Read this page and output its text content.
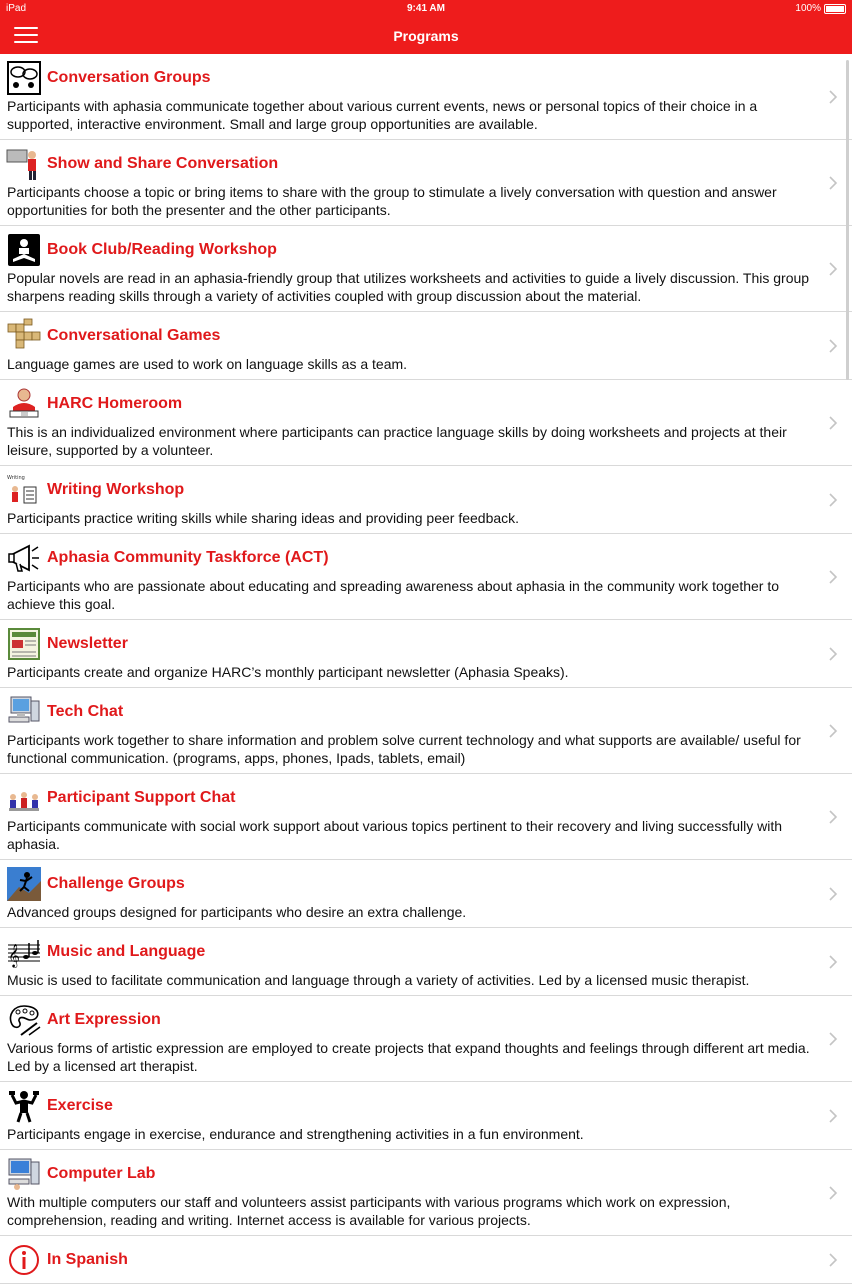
iPad	9:41 AM	100%
Programs
Conversation Groups
Participants with aphasia communicate together about various current events, news or personal topics of their choice in a supported, interactive environment. Small and large group opportunities are available.
Show and Share Conversation
Participants choose a topic or bring items to share with the group to stimulate a lively conversation with question and answer opportunities for both the presenter and the other participants.
Book Club/Reading Workshop
Popular novels are read in an aphasia-friendly group that utilizes worksheets and activities to guide a lively discussion. This group sharpens reading skills through a variety of activities coupled with group discussion about the material.
Conversational Games
Language games are used to work on language skills as a team.
HARC Homeroom
This is an individualized environment where participants can practice language skills by doing worksheets and projects at their leisure, supported by a volunteer.
Writing
Writing Workshop
Participants practice writing skills while sharing ideas and providing peer feedback.
Aphasia Community Taskforce (ACT)
Participants who are passionate about educating and spreading awareness about aphasia in the community work together to achieve this goal.
Newsletter
Participants create and organize HARC’s monthly participant newsletter (Aphasia Speaks).
Tech Chat
Participants work together to share information and problem solve current technology and what supports are available/ useful for functional communication. (programs, apps, phones, Ipads, tablets, email)
Participant Support Chat
Participants communicate with social work support about various topics pertinent to their recovery and living successfully with aphasia.
Challenge Groups
Advanced groups designed for participants who desire an extra challenge.
𝄞 Music and Language
Music is used to facilitate communication and language through a variety of activities. Led by a licensed music therapist.
Art Expression
Various forms of artistic expression are employed to create projects that expand thoughts and feelings through different art media. Led by a licensed art therapist.
Exercise
Participants engage in exercise, endurance and strengthening activities in a fun environment.
Computer Lab
With multiple computers our staff and volunteers assist participants with various programs which work on expression, comprehension, reading and writing. Internet access is available for various projects.
In Spanish
